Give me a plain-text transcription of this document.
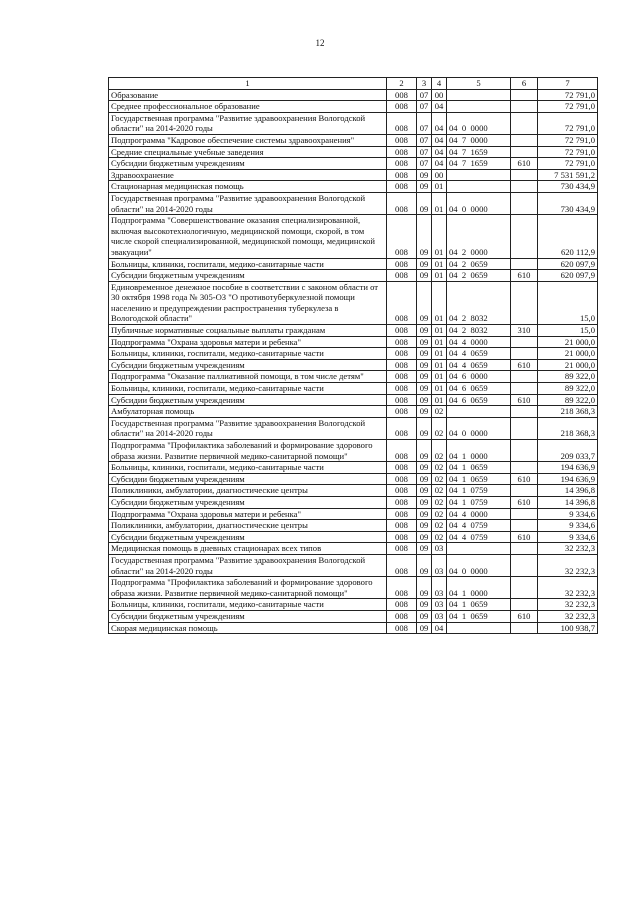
12
1	2	3	4	5	6	7
Образование	008	07	00			72 791,0
Среднее профессиональное образование	008	07	04			72 791,0
Государственная программа "Развитие здравоохранения Вологодской области" на 2014-2020 годы	008	07	04	04  0  0000		72 791,0
Подпрограмма "Кадровое обеспечение системы здравоохранения"	008	07	04	04  7  0000		72 791,0
Средние специальные учебные заведения	008	07	04	04  7  1659		72 791,0
Субсидии бюджетным учреждениям	008	07	04	04  7  1659	610	72 791,0
Здравоохранение	008	09	00			7 531 591,2
Стационарная медицинская помощь	008	09	01			730 434,9
Государственная программа "Развитие здравоохранения Вологодской области" на 2014-2020 годы	008	09	01	04  0  0000		730 434,9
Подпрограмма "Совершенствование оказания специализированной, включая высокотехнологичную, медицинской помощи, скорой, в том числе скорой специализированной, медицинской помощи, медицинской эвакуации"	008	09	01	04  2  0000		620 112,9
Больницы, клиники, госпитали, медико-санитарные части	008	09	01	04  2  0659		620 097,9
Субсидии бюджетным учреждениям	008	09	01	04  2  0659	610	620 097,9
Единовременное денежное пособие в соответствии с законом области от 30 октября 1998 года № 305-ОЗ "О противотуберкулезной помощи населению и предупреждении распространения туберкулеза в Вологодской области"	008	09	01	04  2  8032		15,0
Публичные нормативные социальные выплаты гражданам	008	09	01	04  2  8032	310	15,0
Подпрограмма "Охрана здоровья матери и ребенка"	008	09	01	04  4  0000		21 000,0
Больницы, клиники, госпитали, медико-санитарные части	008	09	01	04  4  0659		21 000,0
Субсидии бюджетным учреждениям	008	09	01	04  4  0659	610	21 000,0
Подпрограмма "Оказание паллиативной помощи, в том числе детям"	008	09	01	04  6  0000		89 322,0
Больницы, клиники, госпитали, медико-санитарные части	008	09	01	04  6  0659		89 322,0
Субсидии бюджетным учреждениям	008	09	01	04  6  0659	610	89 322,0
Амбулаторная помощь	008	09	02			218 368,3
Государственная программа "Развитие здравоохранения Вологодской области" на 2014-2020 годы	008	09	02	04  0  0000		218 368,3
Подпрограмма "Профилактика заболеваний и формирование здорового образа жизни. Развитие первичной медико-санитарной помощи"	008	09	02	04  1  0000		209 033,7
Больницы, клиники, госпитали, медико-санитарные части	008	09	02	04  1  0659		194 636,9
Субсидии бюджетным учреждениям	008	09	02	04  1  0659	610	194 636,9
Поликлиники, амбулатории, диагностические центры	008	09	02	04  1  0759		14 396,8
Субсидии бюджетным учреждениям	008	09	02	04  1  0759	610	14 396,8
Подпрограмма "Охрана здоровья матери и ребенка"	008	09	02	04  4  0000		9 334,6
Поликлиники, амбулатории, диагностические центры	008	09	02	04  4  0759		9 334,6
Субсидии бюджетным учреждениям	008	09	02	04  4  0759	610	9 334,6
Медицинская помощь в дневных стационарах всех типов	008	09	03			32 232,3
Государственная программа "Развитие здравоохранения Вологодской области" на 2014-2020 годы	008	09	03	04  0  0000		32 232,3
Подпрограмма "Профилактика заболеваний и формирование здорового образа жизни. Развитие первичной медико-санитарной помощи"	008	09	03	04  1  0000		32 232,3
Больницы, клиники, госпитали, медико-санитарные части	008	09	03	04  1  0659		32 232,3
Субсидии бюджетным учреждениям	008	09	03	04  1  0659	610	32 232,3
Скорая медицинская помощь	008	09	04			100 938,7
